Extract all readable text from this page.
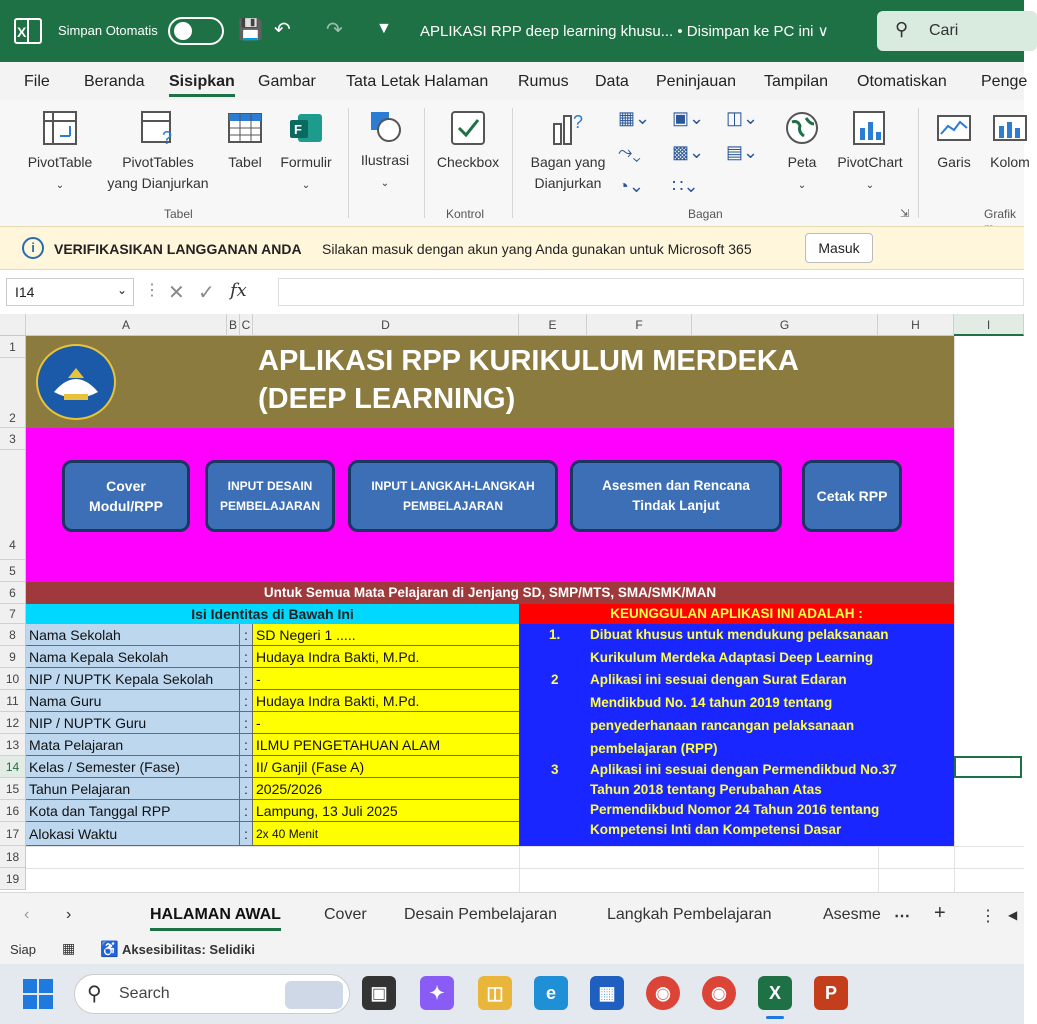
X Simpan Otomatis	💾 ↶ ↷ ▼ APLIKASI RPP deep learning khusu... • Disimpan ke PC ini ∨	⚲ Cari
File Beranda Sisipkan Gambar Tata Letak Halaman Rumus Data Peninjauan Tampilan Otomatiskan Penge
PivotTable
⌄
?
PivotTables
yang Dianjurkan
Tabel
F
Formulir
⌄
Ilustrasi
⌄
Checkbox
?
Bagan yang
Dianjurkan
▦⌄
⤳⌄
◔⌄
▣⌄
▩⌄
∷⌄
◫⌄
▤⌄	Peta
⌄
PivotChart
⌄
Garis	Kolom
Tabel	Kontrol	Bagan	⇲	Grafik
i	VERIFIKASIKAN LANGGANAN ANDA Silakan masuk dengan akun yang Anda gunakan untuk Microsoft 365	Masuk
I14	⌄ ⋮ ✕ ✓ fx
A	B C	D	E	F	G	H	I
1
2
3
4
5
6
7
8
9
10
11
12
13
14
15
16
17
18
19
APLIKASI RPP KURIKULUM MERDEKA
(DEEP LEARNING)
Cover
Modul/RPP
INPUT DESAIN
PEMBELAJARAN
INPUT LANGKAH-LANGKAH
PEMBELAJARAN
Asesmen dan Rencana
Tindak Lanjut
Cetak RPP
Untuk Semua Mata Pelajaran di Jenjang SD, SMP/MTS, SMA/SMK/MAN
Isi Identitas di Bawah Ini	KEUNGGULAN APLIKASI INI ADALAH :
Nama Sekolah	: SD Negeri 1 .....
Nama Kepala Sekolah	: Hudaya Indra Bakti, M.Pd.
NIP / NUPTK Kepala Sekolah	: -
Nama Guru	: Hudaya Indra Bakti, M.Pd.
NIP / NUPTK Guru	: -
Mata Pelajaran	: ILMU PENGETAHUAN ALAM
Kelas / Semester (Fase)	: II/ Ganjil (Fase A)
Tahun Pelajaran	: 2025/2026
Kota dan Tanggal RPP	: Lampung, 13 Juli 2025
Alokasi Waktu	: 2x 40 Menit
1. Dibuat khusus untuk mendukung pelaksanaan
Kurikulum Merdeka Adaptasi Deep Learning
2 Aplikasi ini sesuai dengan Surat Edaran
Mendikbud No. 14 tahun 2019 tentang
penyederhanaan rancangan pelaksanaan
pembelajaran (RPP)
3 Aplikasi ini sesuai dengan Permendikbud No.37
Tahun 2018 tentang Perubahan Atas
Permendikbud Nomor 24 Tahun 2016 tentang
Kompetensi Inti dan Kompetensi Dasar
‹ ›	HALAMAN AWAL	Cover Desain Pembelajaran	Langkah Pembelajaran	Asesme ⋯ + ⋮ ◀
Siap ▦ ♿ Aksesibilitas: Selidiki
⚲ Search	▣	✦	◫	e	▦	◉	◉	X	P
